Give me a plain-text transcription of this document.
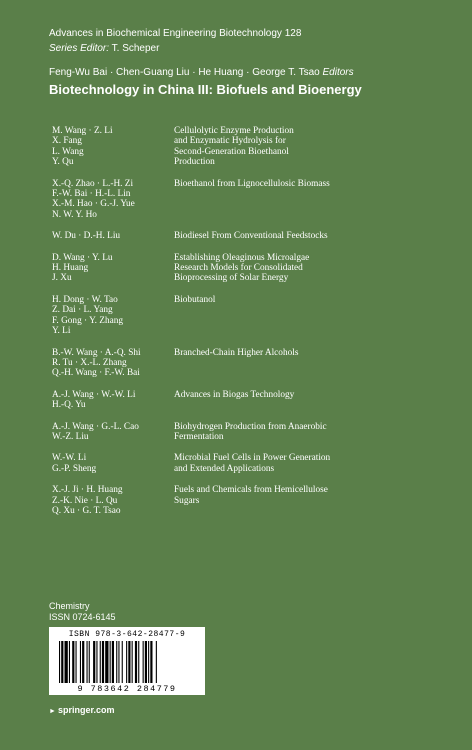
Advances in Biochemical Engineering Biotechnology 128
Series Editor: T. Scheper
Feng-Wu Bai · Chen-Guang Liu · He Huang · George T. Tsao Editors
Biotechnology in China III: Biofuels and Bioenergy
M. Wang · Z. Li
X. Fang
L. Wang
Y. Qu
Cellulolytic Enzyme Production
and Enzymatic Hydrolysis for
Second-Generation Bioethanol
Production
X.-Q. Zhao · L.-H. Zi
F.-W. Bai · H.-L. Lin
X.-M. Hao · G.-J. Yue
N. W. Y. Ho
Bioethanol from Lignocellulosic Biomass
W. Du · D.-H. Liu	Biodiesel From Conventional Feedstocks
D. Wang · Y. Lu
H. Huang
J. Xu
Establishing Oleaginous Microalgae
Research Models for Consolidated
Bioprocessing of Solar Energy
H. Dong · W. Tao
Z. Dai · L. Yang
F. Gong · Y. Zhang
Y. Li
Biobutanol
B.-W. Wang · A.-Q. Shi
R. Tu · X.-L. Zhang
Q.-H. Wang · F.-W. Bai
Branched-Chain Higher Alcohols
A.-J. Wang · W.-W. Li
H.-Q. Yu
Advances in Biogas Technology
A.-J. Wang · G.-L. Cao
W.-Z. Liu
Biohydrogen Production from Anaerobic
Fermentation
W.-W. Li
G.-P. Sheng
Microbial Fuel Cells in Power Generation
and Extended Applications
X.-J. Ji · H. Huang
Z.-K. Nie · L. Qu
Q. Xu · G. T. Tsao
Fuels and Chemicals from Hemicellulose
Sugars
Chemistry
ISSN 0724-6145
ISBN 978-3-642-28477-9
9 783642 284779
► springer.com
